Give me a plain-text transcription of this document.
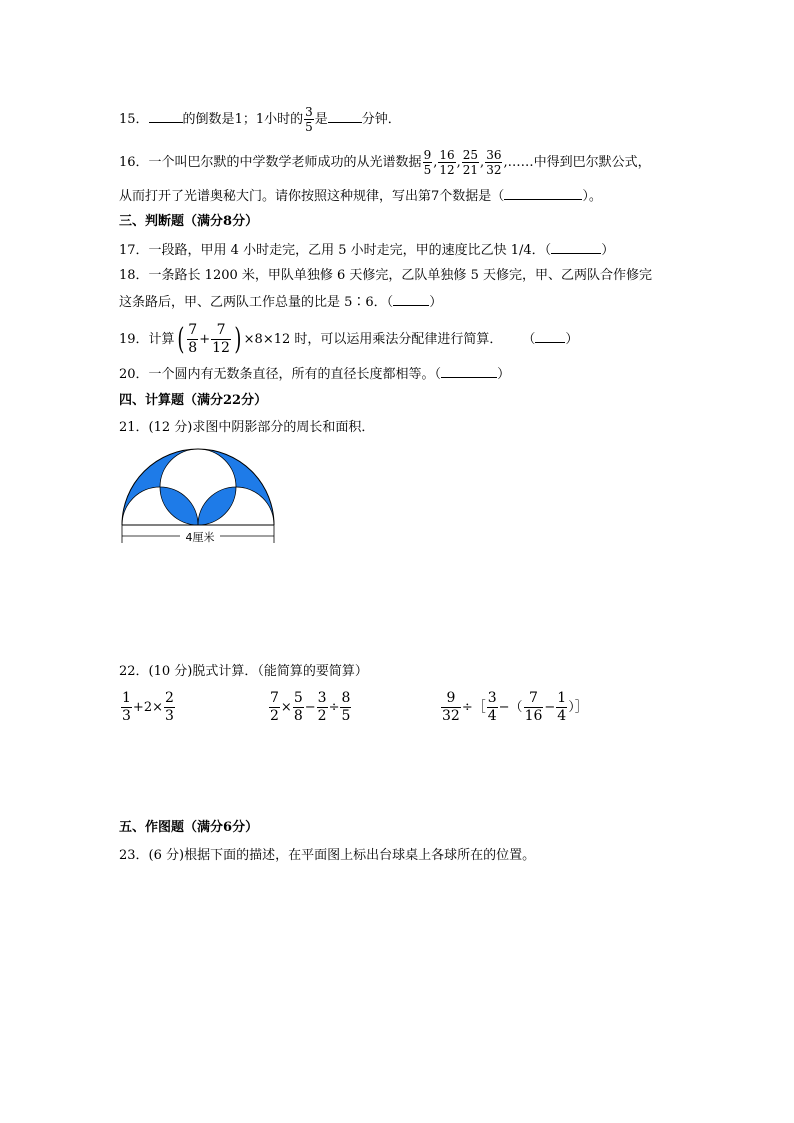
15．	的倒数是1；1小时的 $\frac{3}{5}$ 是	分钟．
16．一个叫巴尔默的中学数学老师成功的从光谱数据 $\frac{9}{5}$ , $\frac{16}{12}$ , $\frac{25}{21}$ , $\frac{36}{32}$ ,……中得到巴尔默公式，
从而打开了光谱奥秘大门。请你按照这种规律，写出第7个数据是（	）。
三、判断题（满分8分）
17．一段路，甲用 4 小时走完，乙用 5 小时走完，甲的速度比乙快 1/4．（	）
18．一条路长 1200 米，甲队单独修 6 天修完，乙队单独修 5 天修完，甲、乙两队合作修完
这条路后，甲、乙两队工作总量的比是 5∶6．（	）
19．计算( $\frac{7}{8} + \frac{7}{12}$ ) ×8×12 时，可以运用乘法分配律进行简算． （ ）
20．一个圆内有无数条直径，所有的直径长度都相等。（	）
四、计算题（满分22分）
21．(12 分)求图中阴影部分的周长和面积．
4厘米
22．(10 分)脱式计算．（能简算的要简算）
$\frac{1}{3} +2\times \frac{2}{3}$	$\frac{7}{2} \times \frac{5}{8} - \frac{3}{2} \div \frac{8}{5}$	$\frac{9}{32}$ ÷［ $\frac{3}{4}$ −（ $\frac{7}{16} - \frac{1}{4}$ ）］
五、作图题（满分6分）
23．(6 分)根据下面的描述，在平面图上标出台球桌上各球所在的位置。
